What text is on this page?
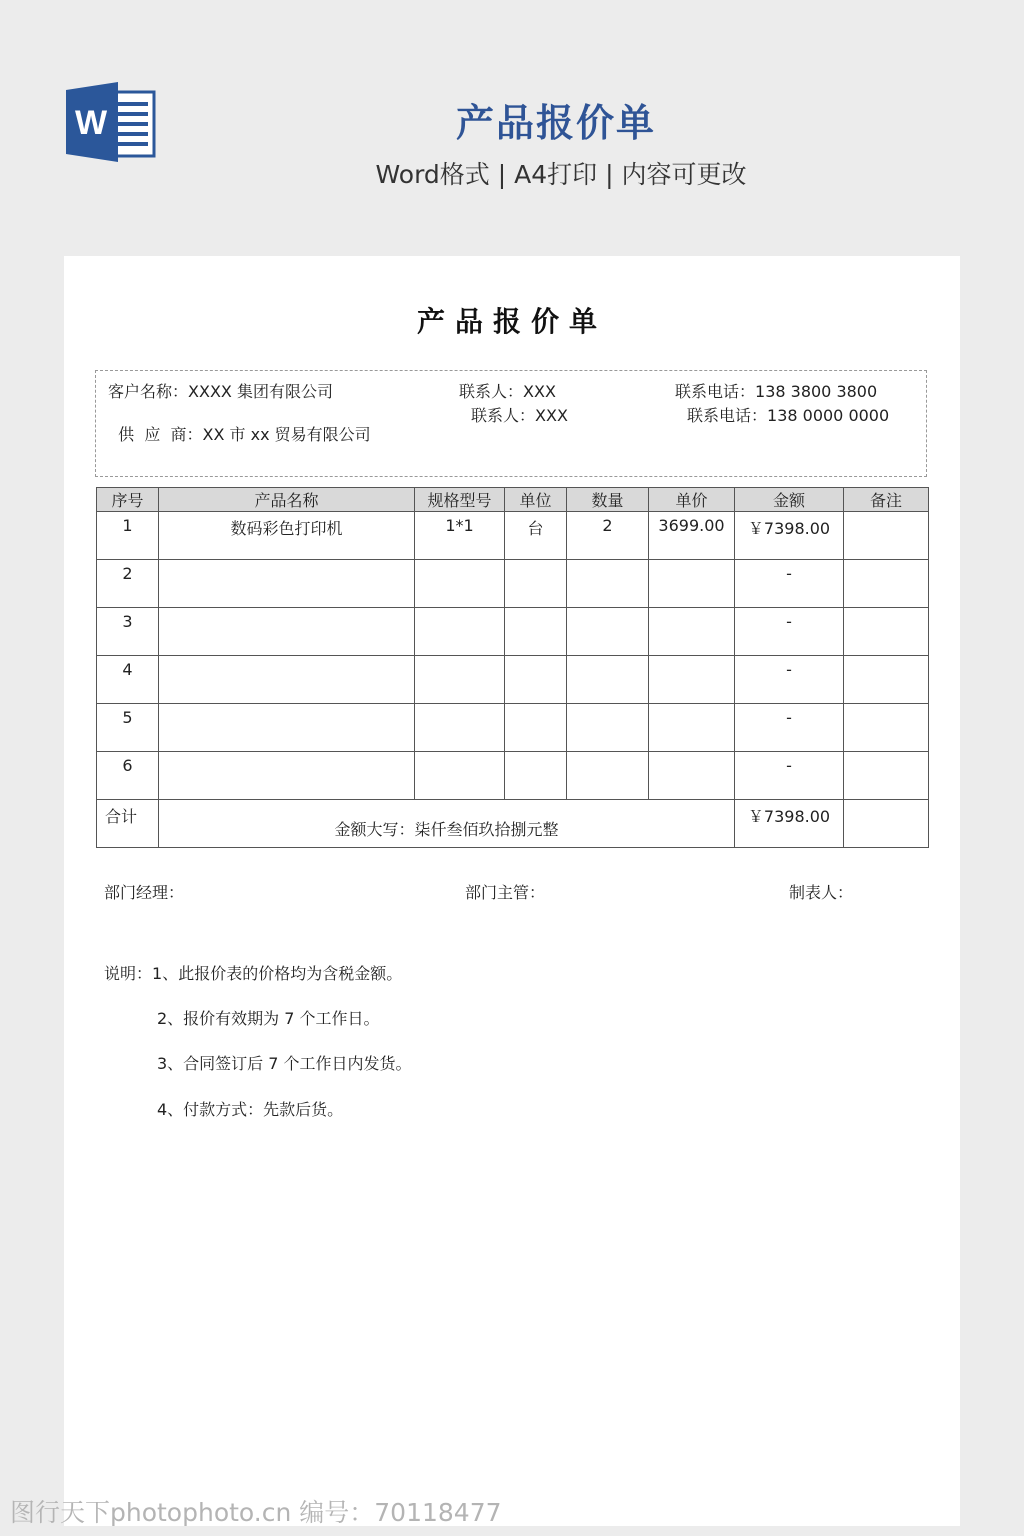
W	产品报价单
Word格式 | A4打印 | 内容可更改
产品报价单
客户名称：XXXX 集团有限公司	联系人：XXX	联系电话：138 3800 3800

供  应  商：XX 市 xx 贸易有限公司

联系人：XXX	联系电话：138 0000 0000
序号	产品名称	规格型号	单位	数量	单价	金额	备注
1	数码彩色打印机	1*1	台	2	3699.00	￥7398.00	
2						-	
3						-	
4						-	
5						-	
6						-	
合计	金额大写：柒仟叁佰玖拾捌元整					￥7398.00	
部门经理：	部门主管：	制表人：
说明：1、此报价表的价格均为含税金额。
2、报价有效期为 7 个工作日。
3、合同签订后 7 个工作日内发货。
4、付款方式：先款后货。
图行天下photophoto.cn 编号：70118477
